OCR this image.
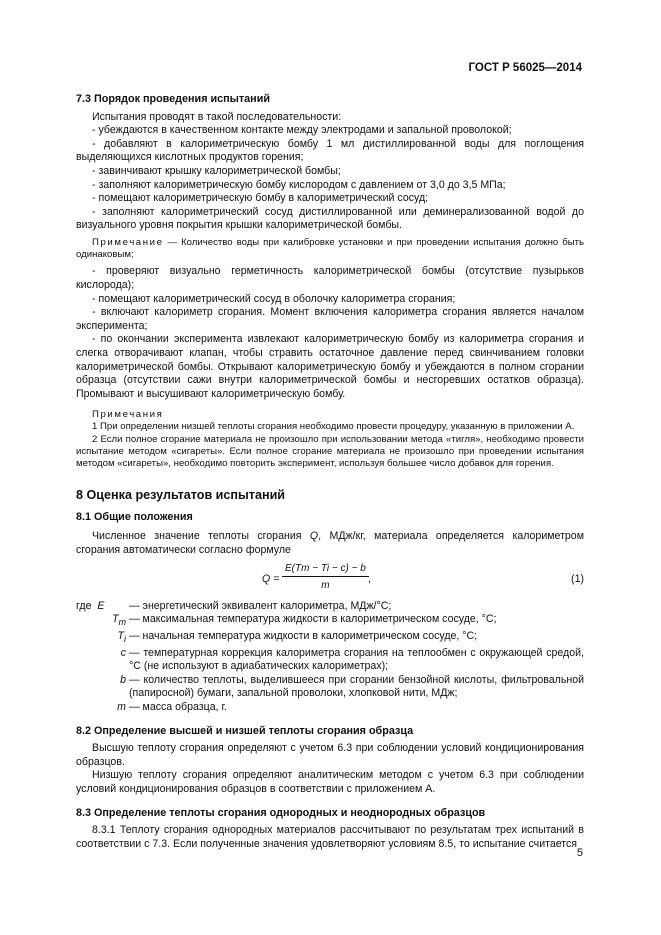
ГОСТ Р 56025—2014

7.3 Порядок проведения испытаний

Испытания проводят в такой последовательности:

- убеждаются в качественном контакте между электродами и запальной проволокой;

- добавляют в калориметрическую бомбу 1 мл дистиллированной воды для поглощения выделяющихся кислотных продуктов горения;

- завинчивают крышку калориметрической бомбы;

- заполняют калориметрическую бомбу кислородом с давлением от 3,0 до 3,5 МПа;

- помещают калориметрическую бомбу в калориметрический сосуд;

- заполняют калориметрический сосуд дистиллированной или деминерализованной водой до визуального уровня покрытия крышки калориметрической бомбы.

Примечание — Количество воды при калибровке установки и при проведении испытания должно быть одинаковым;

- проверяют визуально герметичность калориметрической бомбы (отсутствие пузырьков кислорода);

- помещают калориметрический сосуд в оболочку калориметра сгорания;

- включают калориметр сгорания. Момент включения калориметра сгорания является началом эксперимента;

- по окончании эксперимента извлекают калориметрическую бомбу из калориметра сгорания и слегка отворачивают клапан, чтобы стравить остаточное давление перед свинчиванием головки калориметрической бомбы. Открывают калориметрическую бомбу и убеждаются в полном сгорании образца (отсутствии сажи внутри калориметрической бомбы и несгоревших остатков образца). Промывают и высушивают калориметрическую бомбу.

Примечания

1 При определении низшей теплоты сгорания необходимо провести процедуру, указанную в приложении А.

2 Если полное сгорание материала не произошло при использовании метода «тигля», необходимо провести испытание методом «сигареты». Если полное сгорание материала не произошло при проведении испытания методом «сигареты», необходимо повторить эксперимент, используя большее число добавок для горения.

8 Оценка результатов испытаний

8.1 Общие положения

Численное значение теплоты сгорания Q, МДж/кг, материала определяется калориметром сгорания автоматически согласно формуле

$Q = \frac{E(Tm - Ti - c) - b}{m}$ ,	(1)
где E	— энергетический эквивалент калориметра, МДж/°С;
$T_m$ — максимальная температура жидкости в калориметрическом сосуде, °С;
$T_i$ — начальная температура жидкости в калориметрическом сосуде, °С;
c — температурная коррекция калориметра сгорания на теплообмен с окружающей средой, °С (не используют в адиабатических калориметрах);
b — количество теплоты, выделившееся при сгорании бензойной кислоты, фильтровальной (папиросной) бумаги, запальной проволоки, хлопковой нити, МДж;
m — масса образца, г.

8.2 Определение высшей и низшей теплоты сгорания образца

Высшую теплоту сгорания определяют с учетом 6.3 при соблюдении условий кондиционирования образцов.

Низшую теплоту сгорания определяют аналитическим методом с учетом 6.3 при соблюдении условий кондиционирования образцов в соответствии с приложением А.

8.3 Определение теплоты сгорания однородных и неоднородных образцов

8.3.1 Теплоту сгорания однородных материалов рассчитывают по результатам трех испытаний в соответствии с 7.3. Если полученные значения удовлетворяют условиям 8.5, то испытание считается

5
